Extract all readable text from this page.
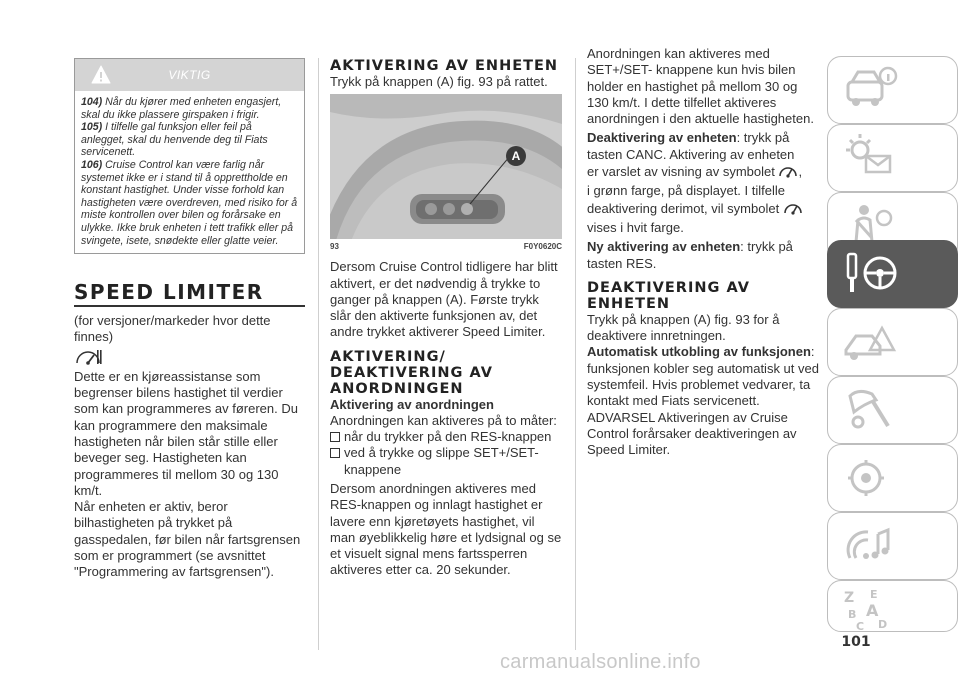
VIKTIG

104) Når du kjører med enheten engasjert, skal du ikke plassere girspaken i frigir.

105) I tilfelle gal funksjon eller feil på anlegget, skal du henvende deg til Fiats servicenett.

106) Cruise Control kan være farlig når systemet ikke er i stand til å opprettholde en konstant hastighet. Under visse forhold kan hastigheten være overdreven, med risiko for å miste kontrollen over bilen og forårsake en ulykke. Ikke bruk enheten i tett trafikk eller på svingete, isete, snødekte eller glatte veier.

SPEED LIMITER

(for versjoner/markeder hvor dette finnes)

Dette er en kjøreassistanse som begrenser bilens hastighet til verdier som kan programmeres av føreren. Du kan programmere den maksimale hastigheten når bilen står stille eller beveger seg. Hastigheten kan programmeres til mellom 30 og 130 km/t.

Når enheten er aktiv, beror bilhastigheten på trykket på gasspedalen, før bilen når fartsgrensen som er programmert (se avsnittet "Programmering av fartsgrensen").

AKTIVERING AV ENHETEN

Trykk på knappen (A) fig. 93 på rattet.

A
93	F0Y0620C

Dersom Cruise Control tidligere har blitt aktivert, er det nødvendig å trykke to ganger på knappen (A). Første trykk slår den aktiverte funksjonen av, det andre trykket aktiverer Speed Limiter.

AKTIVERING/ DEAKTIVERING AV ANORDNINGEN
Aktivering av anordningen

Anordningen kan aktiveres på to måter:

når du trykker på den RES-knappen
ved å trykke og slippe SET+/SET- knappene

Dersom anordningen aktiveres med RES-knappen og innlagt hastighet er lavere enn kjøretøyets hastighet, vil man øyeblikkelig høre et lydsignal og se et visuelt signal mens fartssperren aktiveres etter ca. 20 sekunder.

Anordningen kan aktiveres med SET+/SET- knappene kun hvis bilen holder en hastighet på mellom 30 og 130 km/t. I dette tilfellet aktiveres anordningen i den aktuelle hastigheten.

Deaktivering av enheten: trykk på tasten CANC. Aktivering av enheten
er varslet av visning av symbolet ,
i grønn farge, på displayet. I tilfelle
deaktivering derimot, vil symbolet
vises i hvit farge.

Ny aktivering av enheten: trykk på tasten RES.

DEAKTIVERING AV ENHETEN

Trykk på knappen (A) fig. 93 for å deaktivere innretningen.

Automatisk utkobling av funksjonen: funksjonen kobler seg automatisk ut ved systemfeil. Hvis problemet vedvarer, ta kontakt med Fiats servicenett.

ADVARSEL Aktiveringen av Cruise Control forårsaker deaktiveringen av Speed Limiter.

Z E
B A
C D
101
carmanualsonline.info
